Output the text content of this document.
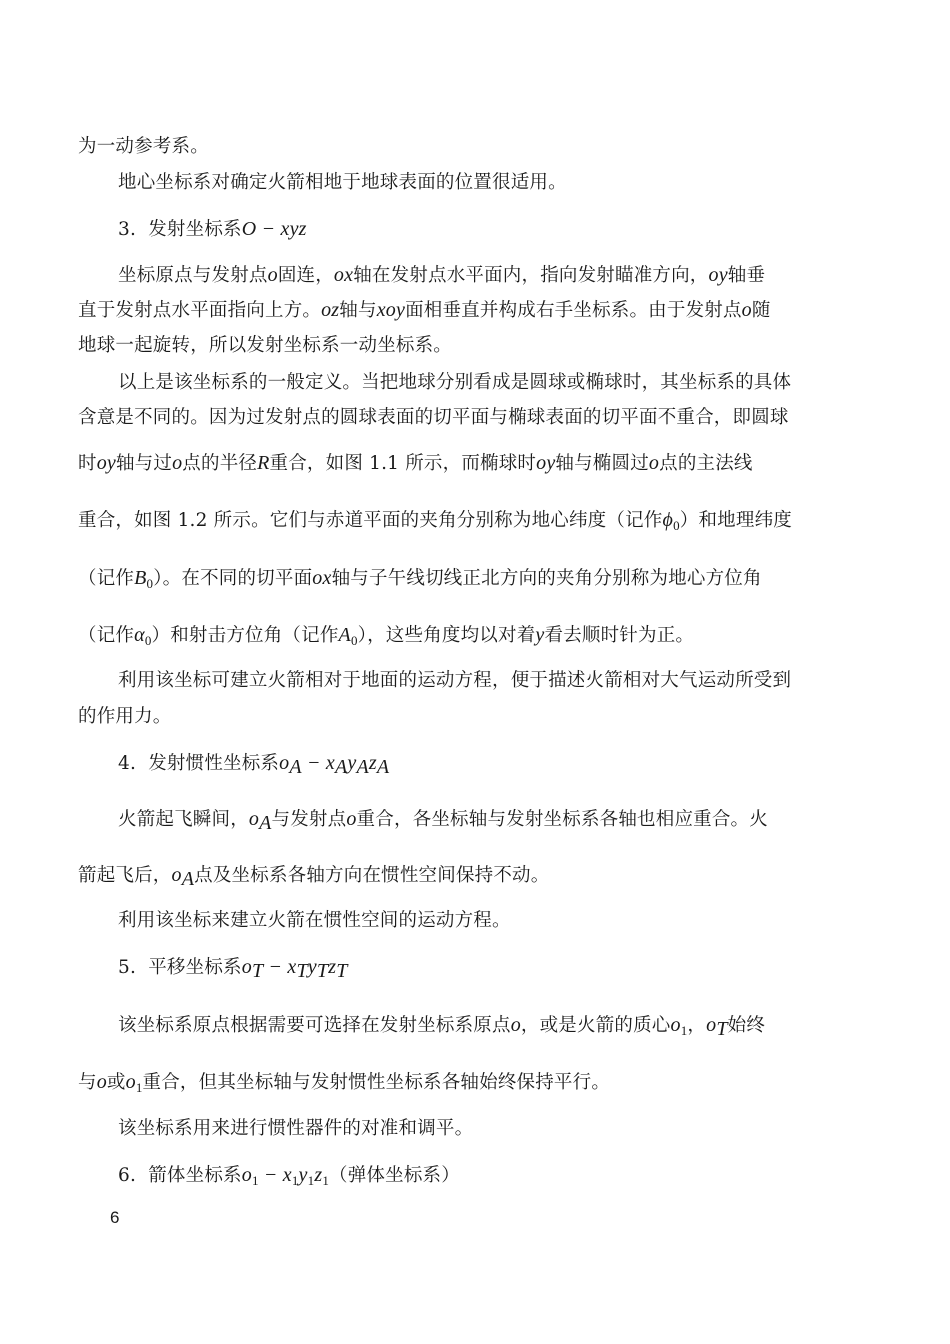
为一动参考系。
地心坐标系对确定火箭相地于地球表面的位置很适用。
3. 发射坐标系O − xyz
坐标原点与发射点o固连，ox轴在发射点水平面内，指向发射瞄准方向，oy轴垂
直于发射点水平面指向上方。oz轴与xoy面相垂直并构成右手坐标系。由于发射点o随
地球一起旋转，所以发射坐标系一动坐标系。
以上是该坐标系的一般定义。当把地球分别看成是圆球或椭球时，其坐标系的具体
含意是不同的。因为过发射点的圆球表面的切平面与椭球表面的切平面不重合，即圆球
时oy轴与过o点的半径R重合，如图 1.1 所示，而椭球时oy轴与椭圆过o点的主法线
重合，如图 1.2 所示。它们与赤道平面的夹角分别称为地心纬度（记作$\phi_0$）和地理纬度
（记作$B_0$）。在不同的切平面ox轴与子午线切线正北方向的夹角分别称为地心方位角
（记作$\alpha_0$）和射击方位角（记作$A_0$），这些角度均以对着y看去顺时针为正。
利用该坐标可建立火箭相对于地面的运动方程，便于描述火箭相对大气运动所受到
的作用力。
4. 发射惯性坐标系$o_A - x_Ay_Az_A$
火箭起飞瞬间，$o_A$与发射点o重合，各坐标轴与发射坐标系各轴也相应重合。火
箭起飞后，$o_A$点及坐标系各轴方向在惯性空间保持不动。
利用该坐标来建立火箭在惯性空间的运动方程。
5. 平移坐标系$o_T - x_Ty_Tz_T$
该坐标系原点根据需要可选择在发射坐标系原点o，或是火箭的质心$o_1$，$o_T$始终
与o或$o_1$重合，但其坐标轴与发射惯性坐标系各轴始终保持平行。
该坐标系用来进行惯性器件的对准和调平。
6. 箭体坐标系$o_1 - x_1y_1z_1$（弹体坐标系）
6
